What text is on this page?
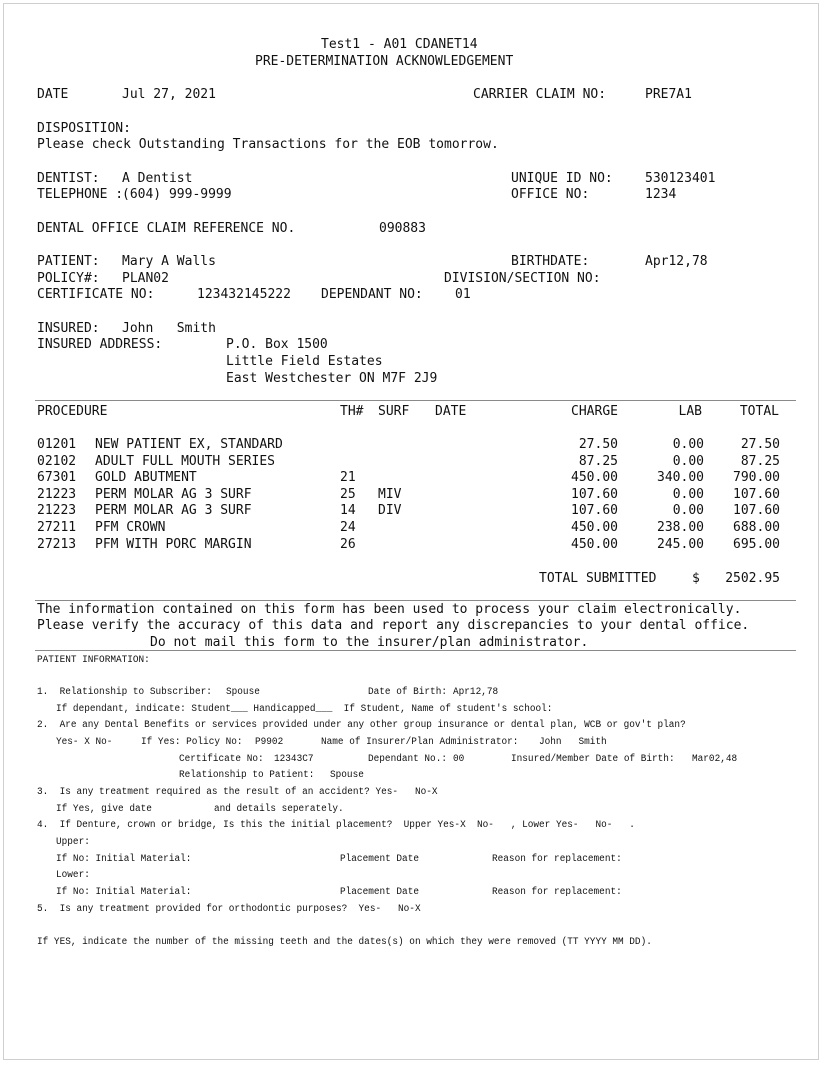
Test1 - A01 CDANET14
PRE-DETERMINATION ACKNOWLEDGEMENT
DATE	Jul 27, 2021	CARRIER CLAIM NO:	PRE7A1
DISPOSITION:
Please check Outstanding Transactions for the EOB tomorrow.
DENTIST: A Dentist	UNIQUE ID NO: 530123401
TELEPHONE :
(604) 999-9999	OFFICE NO:	1234
DENTAL OFFICE CLAIM REFERENCE NO.	090883
PATIENT: Mary A Walls	BIRTHDATE:	Apr12,78
POLICY#: PLAN02	DIVISION/SECTION NO:
CERTIFICATE NO:	123432145222 DEPENDANT NO: 01
INSURED: John   Smith
INSURED ADDRESS:	P.O. Box 1500
Little Field Estates
East Westchester ON M7F 2J9
PROCEDURE	TH# SURF DATE	CHARGE	LAB	TOTAL
01201 NEW PATIENT EX, STANDARD	27.50	0.00	27.50
02102 ADULT FULL MOUTH SERIES	87.25	0.00	87.25
67301 GOLD ABUTMENT	21	450.00	340.00	790.00
21223 PERM MOLAR AG 3 SURF	25 MIV	107.60	0.00	107.60
21223 PERM MOLAR AG 3 SURF	14 DIV	107.60	0.00	107.60
27211 PFM CROWN	24	450.00	238.00	688.00
27213 PFM WITH PORC MARGIN	26	450.00	245.00	695.00
TOTAL SUBMITTED	$	2502.95
The information contained on this form has been used to process your claim electronically.
Please verify the accuracy of this data and report any discrepancies to your dental office.
Do not mail this form to the insurer/plan administrator.
PATIENT INFORMATION:
1.  Relationship to Subscriber: Spouse	Date of Birth: Apr12,78
If dependant, indicate: Student___ Handicapped___  If Student, Name of student's school:
2.  Are any Dental Benefits or services provided under any other group insurance or dental plan, WCB or gov't plan?
Yes- X No-	If Yes: Policy No: P9902	Name of Insurer/Plan Administrator: John   Smith
Certificate No: 12343C7	Dependant No.: 00	Insured/Member Date of Birth: Mar02,48
Relationship to Patient: Spouse
3.  Is any treatment required as the result of an accident? Yes-   No-X
If Yes, give date           and details seperately.
4.  If Denture, crown or bridge, Is this the initial placement?  Upper Yes-X  No-   , Lower Yes-   No-   .
Upper:
If No: Initial Material:	Placement Date	Reason for replacement:
Lower:
If No: Initial Material:	Placement Date	Reason for replacement:
5.  Is any treatment provided for orthodontic purposes?  Yes-   No-X
If YES, indicate the number of the missing teeth and the dates(s) on which they were removed (TT YYYY MM DD).
